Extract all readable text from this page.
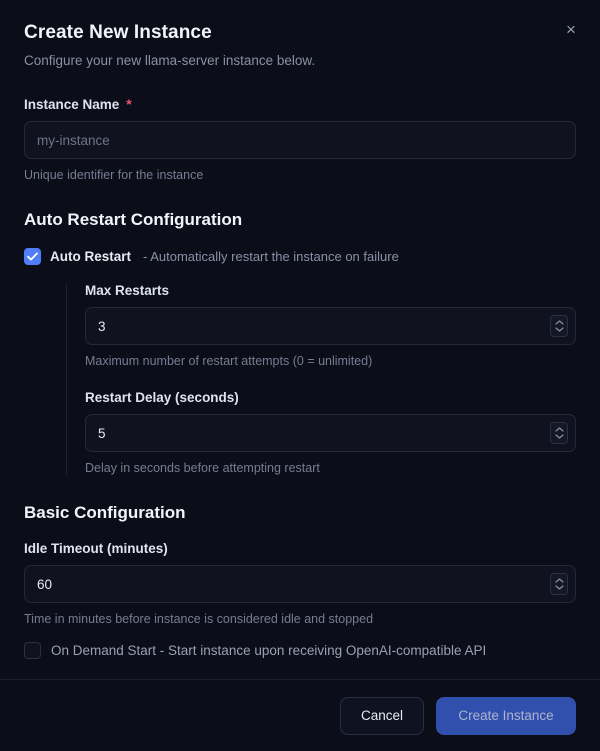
×
Create New Instance

Configure your new llama-server instance below.

Instance Name *
my-instance
Unique identifier for the instance
Auto Restart Configuration
Auto Restart - Automatically restart the instance on failure
Max Restarts
3
Maximum number of restart attempts (0 = unlimited)
Restart Delay (seconds)
5
Delay in seconds before attempting restart
Basic Configuration
Idle Timeout (minutes)
60
Time in minutes before instance is considered idle and stopped
On Demand Start - Start instance upon receiving OpenAI-compatible API
Cancel	Create Instance
